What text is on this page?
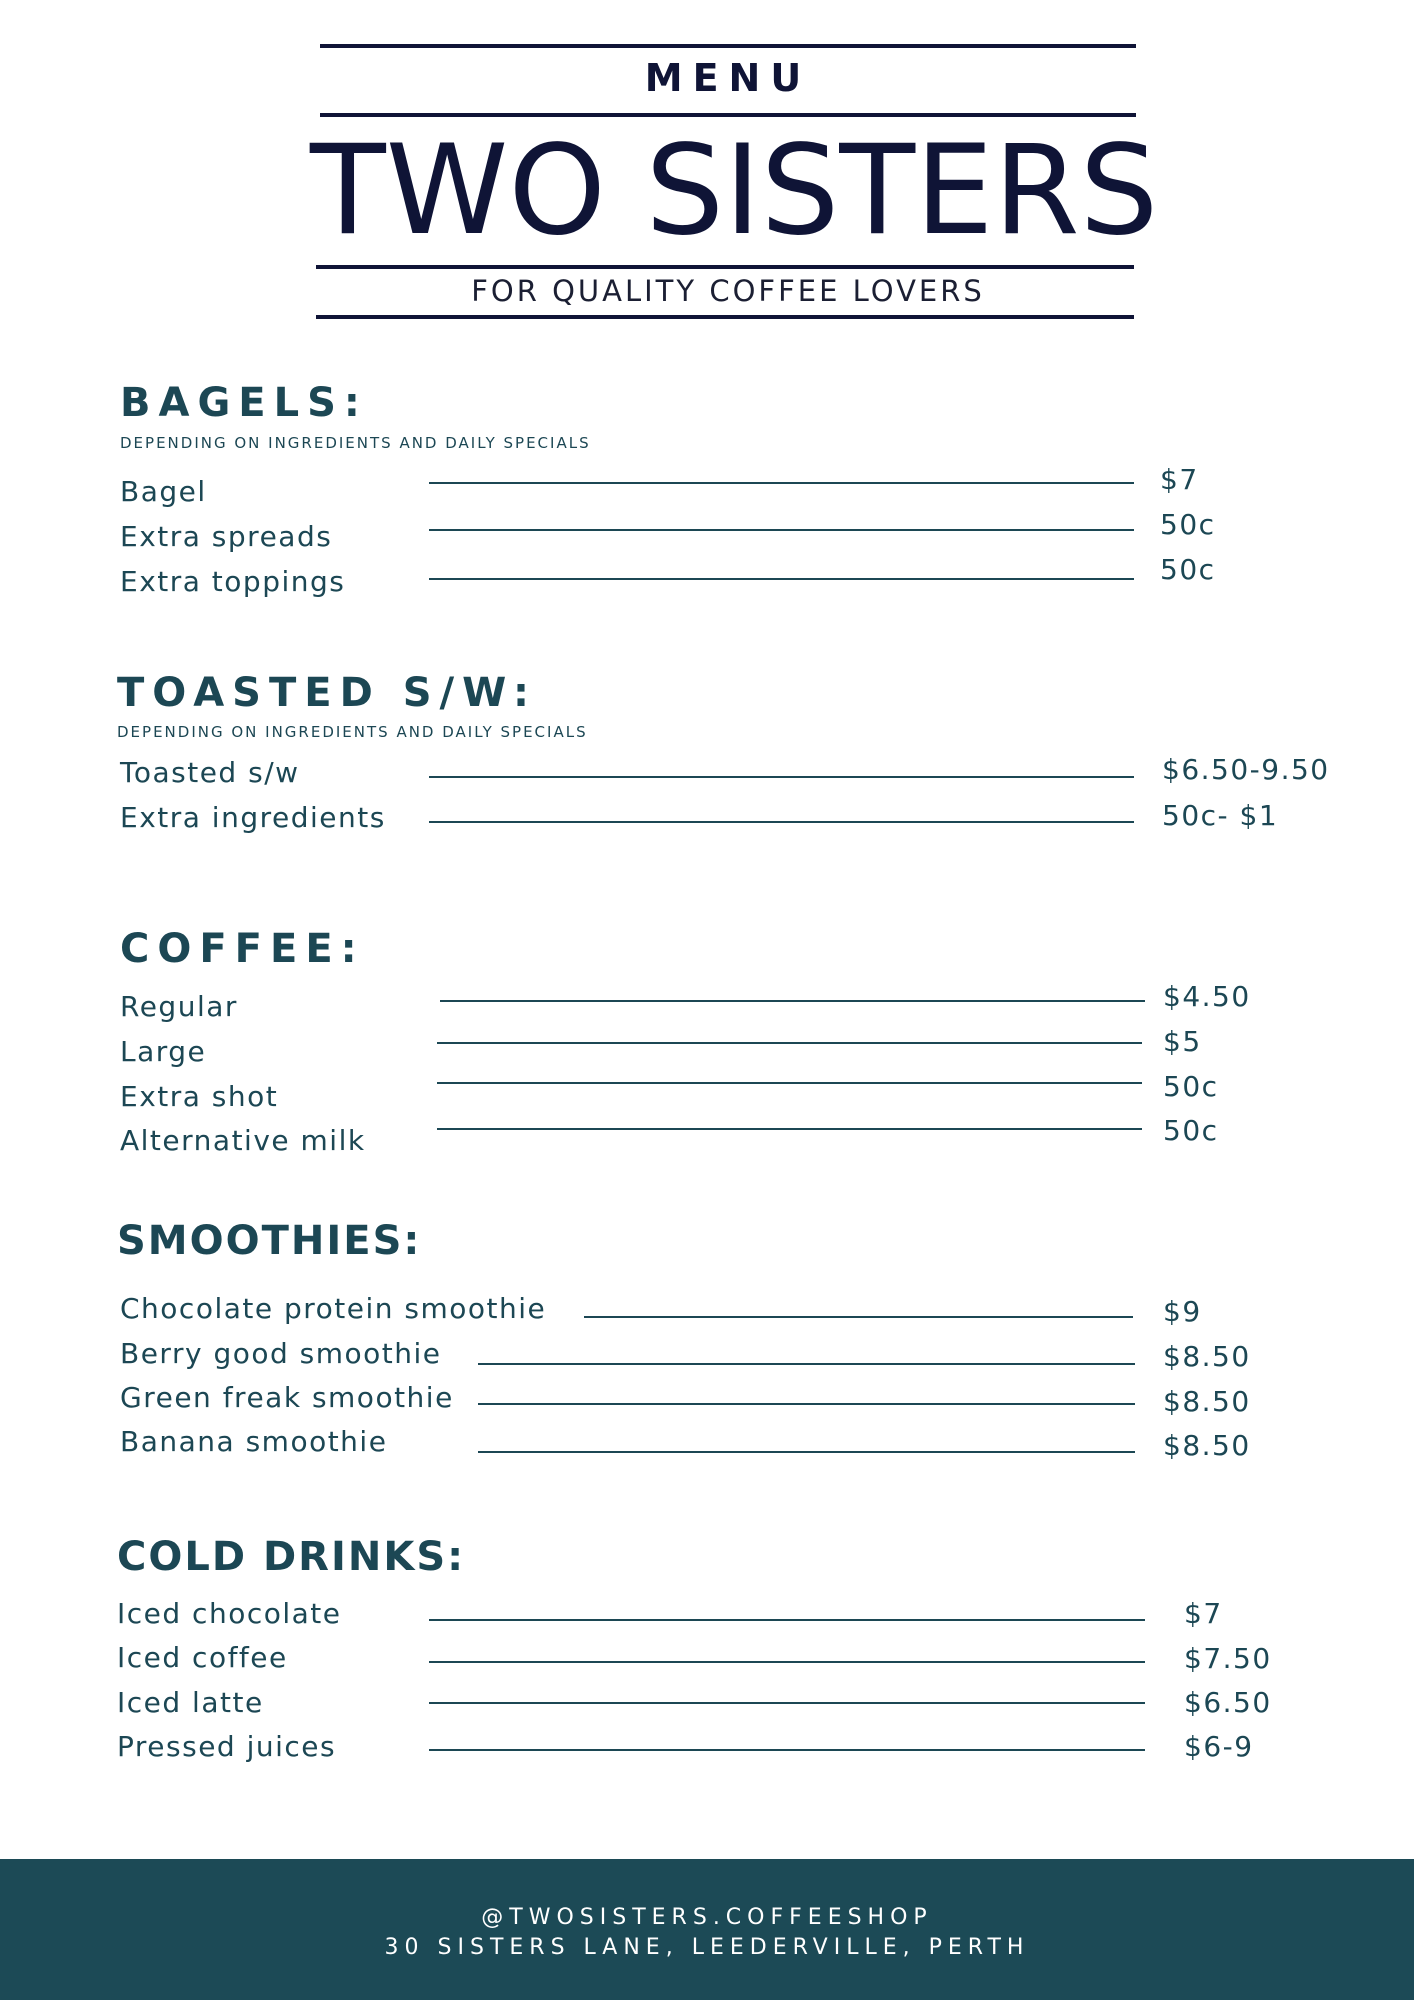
MENU
TWO SISTERS
FOR QUALITY COFFEE LOVERS
BAGELS:
DEPENDING ON INGREDIENTS AND DAILY SPECIALS
Bagel	$7
Extra spreads	50c
Extra toppings	50c
TOASTED S/W:
DEPENDING ON INGREDIENTS AND DAILY SPECIALS
Toasted s/w	$6.50-9.50
Extra ingredients	50c- $1
COFFEE:
Regular	$4.50
Large	$5
Extra shot	50c
Alternative milk	50c
SMOOTHIES:
Chocolate protein smoothie	$9
Berry good smoothie	$8.50
Green freak smoothie	$8.50
Banana smoothie	$8.50
COLD DRINKS:
Iced chocolate	$7
Iced coffee	$7.50
Iced latte	$6.50
Pressed juices	$6-9
@TWOSISTERS.COFFEESHOP
30 SISTERS LANE, LEEDERVILLE, PERTH
